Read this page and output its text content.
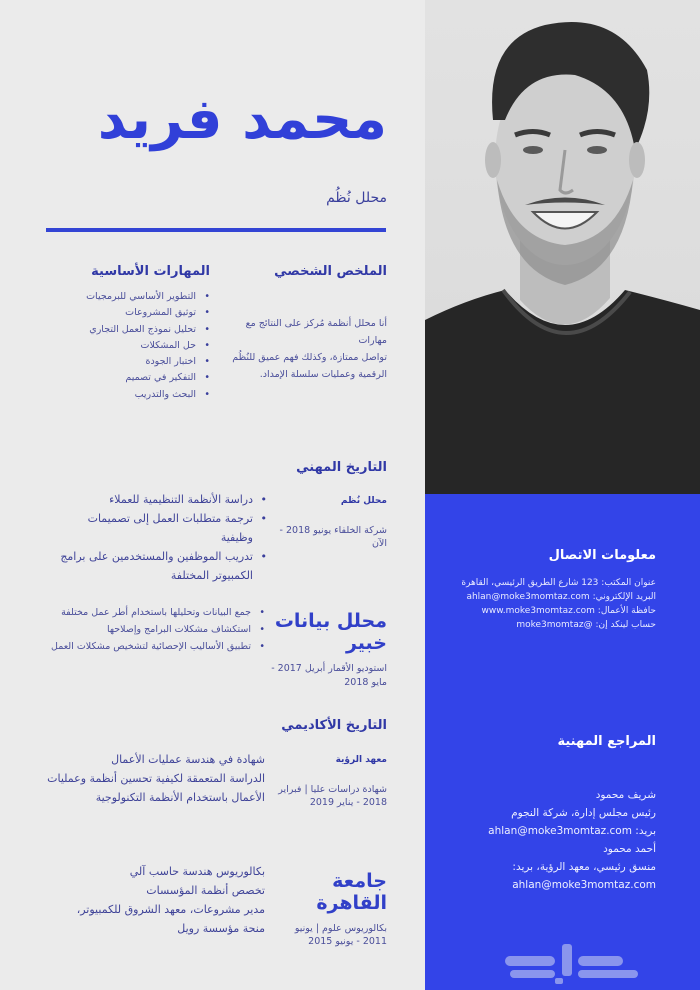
محمد فريد
محلل نُظُم
الملخص الشخصي
أنا محلل أنظمة مُركز على النتائج مع مهارات
تواصل ممتازة، وكذلك فهم عميق للنُظُم
الرقمية وعمليات سلسلة الإمداد.
المهارات الأساسية
• التطوير الأساسي للبرمجيات
• توثيق المشروعات
• تحليل نموذج العمل التجاري
• حل المشكلات
• اختبار الجودة
• التفكير في تصميم
• البحث والتدريب
التاريخ المهني
محلل نُظم
شركة الخلفاء يونيو 2018 -
الآن
• دراسة الأنظمة التنظيمية للعملاء
• ترجمة متطلبات العمل إلى تصميمات وظيفية
• تدريب الموظفين والمستخدمين على برامج
الكمبيوتر المختلفة
محلل بيانات خبير
استوديو الأقمار أبريل 2017 -
مايو 2018
• جمع البيانات وتحليلها باستخدام أطر عمل مختلفة
• استكشاف مشكلات البرامج وإصلاحها
• تطبيق الأساليب الإحصائية لتشخيص مشكلات العمل
التاريخ الأكاديمي
معهد الرؤية
شهادة دراسات عليا | فبراير
2018 - يناير 2019
شهادة في هندسة عمليات الأعمال
الدراسة المتعمقة لكيفية تحسين أنظمة وعمليات
الأعمال باستخدام الأنظمة التكنولوجية
جامعة القاهرة
بكالوريوس علوم | يونيو
2011 - يونيو 2015
بكالوريوس هندسة حاسب آلي
تخصص أنظمة المؤسسات
مدير مشروعات، معهد الشروق للكمبيوتر،
منحة مؤسسة رويل
معلومات الاتصال
عنوان المكتب: 123 شارع الطريق الرئيسي، القاهرة
البريد الإلكتروني: ahlan@moke3momtaz.com
حافظة الأعمال: www.moke3momtaz.com
حساب لينكد إن: @moke3momtaz
المراجع المهنية
شريف محمود
رئيس مجلس إدارة، شركة النجوم
بريد: ahlan@moke3momtaz.com
أحمد محمود
منسق رئيسي، معهد الرؤية، بريد:
ahlan@moke3momtaz.com
